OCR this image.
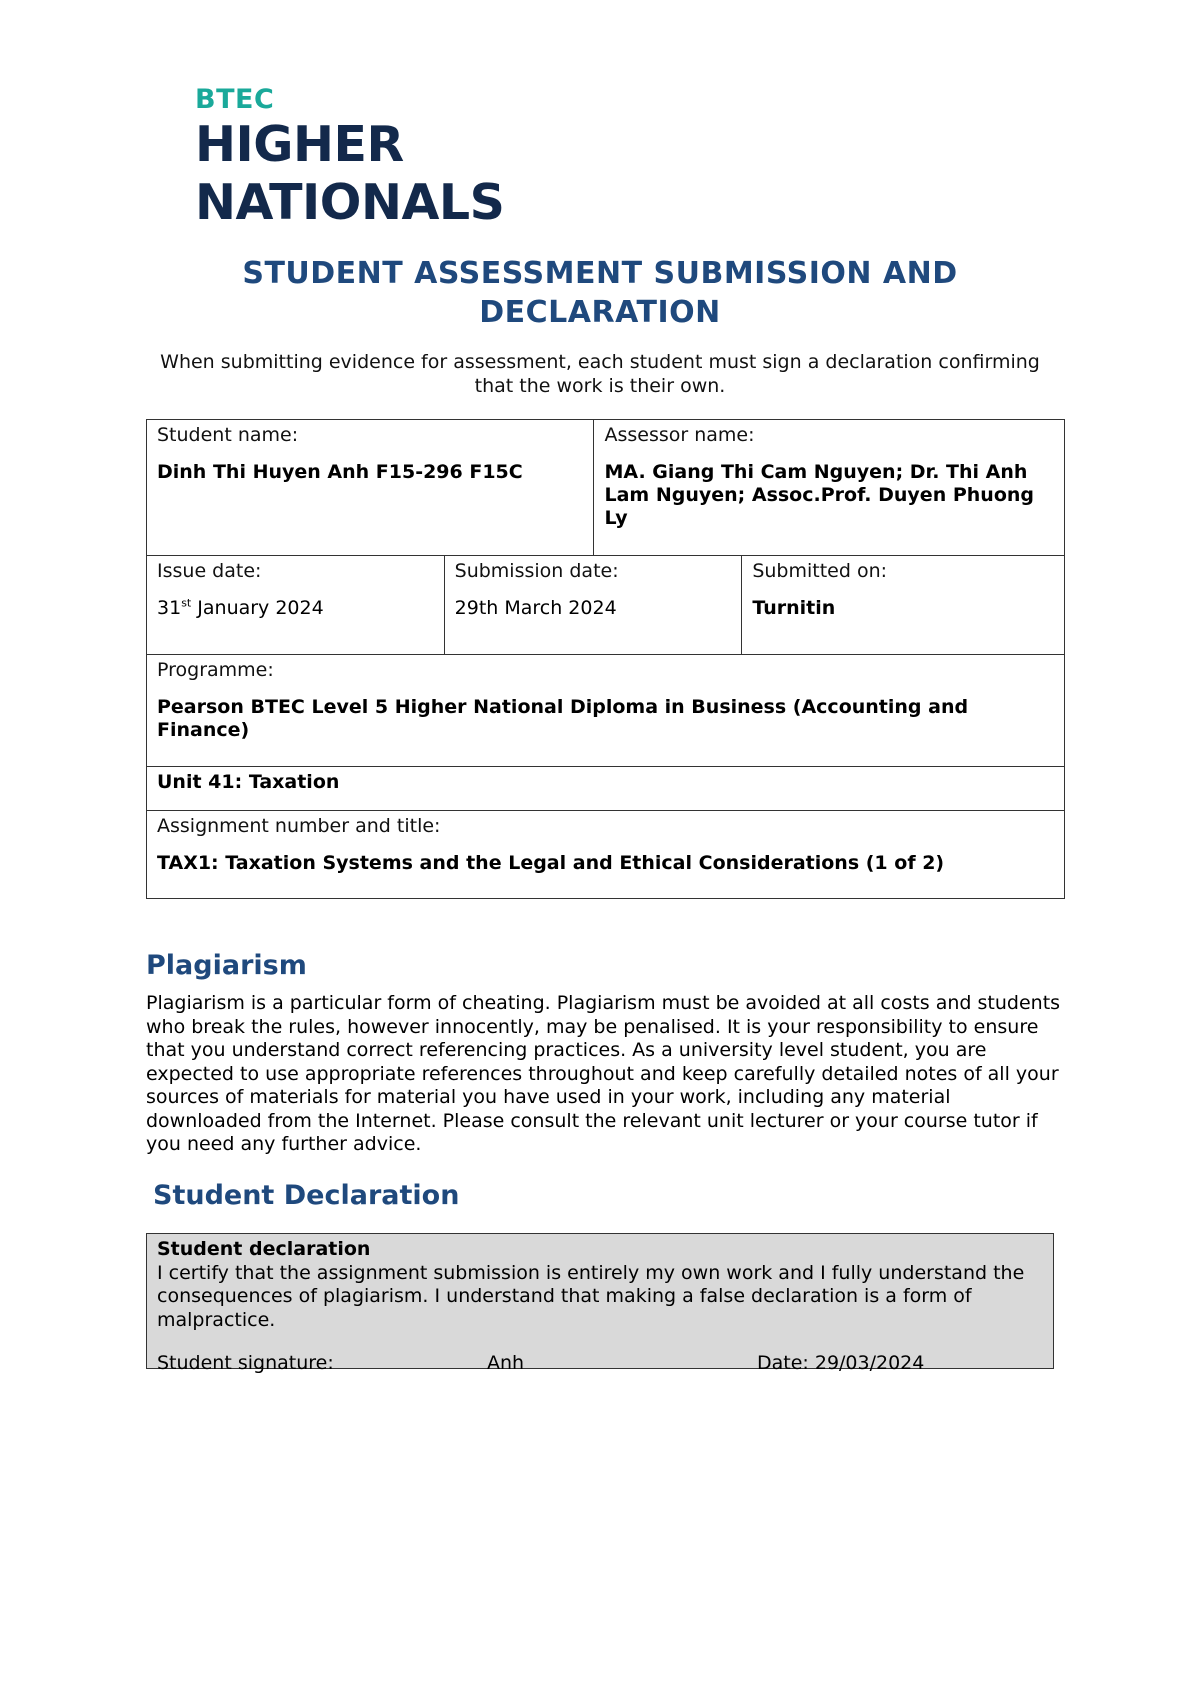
BTEC
HIGHER
NATIONALS
STUDENT ASSESSMENT SUBMISSION AND DECLARATION
When submitting evidence for assessment, each student must sign a declaration confirming that the work is their own.
Student name:
Dinh Thi Huyen Anh F15-296 F15C		Assessor name:
MA. Giang Thi Cam Nguyen; Dr. Thi Anh Lam Nguyen; Assoc.Prof. Duyen Phuong Ly	

Issue date:
31st January 2024	Submission date:
29th March 2024		Submitted on:
Turnitin

Programme:
Pearson BTEC Level 5 Higher National Diploma in Business (Accounting and Finance)			

Unit 41: Taxation			

Assignment number and title:
TAX1: Taxation Systems and the Legal and Ethical Considerations (1 of 2)			
Plagiarism
Plagiarism is a particular form of cheating. Plagiarism must be avoided at all costs and students who break the rules, however innocently, may be penalised. It is your responsibility to ensure that you understand correct referencing practices. As a university level student, you are expected to use appropriate references throughout and keep carefully detailed notes of all your sources of materials for material you have used in your work, including any material downloaded from the Internet. Please consult the relevant unit lecturer or your course tutor if you need any further advice.
Student Declaration
Student declaration
I certify that the assignment submission is entirely my own work and I fully understand the consequences of plagiarism. I understand that making a false declaration is a form of malpractice.
Student signature:	Anh	Date: 29/03/2024
